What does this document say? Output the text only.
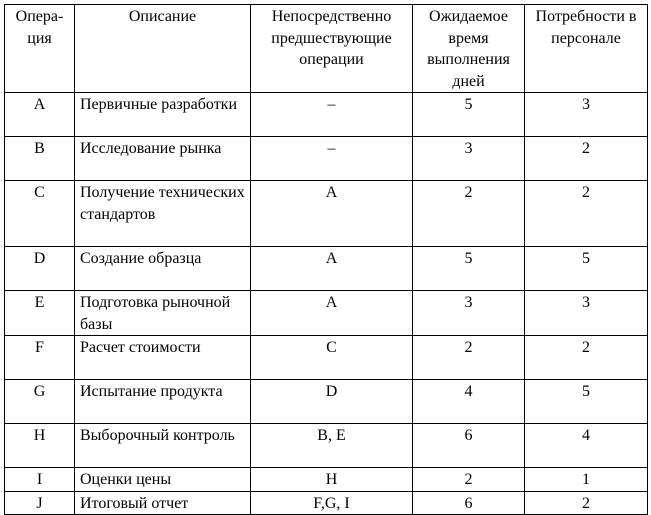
Опера-
ция	Описание	Непосредственно предшествующие операции	Ожидаемое время выполнения дней	Потребности в персонале
A	Первичные разработки	–	5	3
B	Исследование рынка	–	3	2
C	Получение технических стандартов	A	2	2
D	Создание образца	A	5	5
E	Подготовка рыночной базы	A	3	3
F	Расчет стоимости	C	2	2
G	Испытание продукта	D	4	5
H	Выборочный контроль	B, E	6	4
I	Оценки цены	H	2	1
J	Итоговый отчет	F,G, I	6	2
